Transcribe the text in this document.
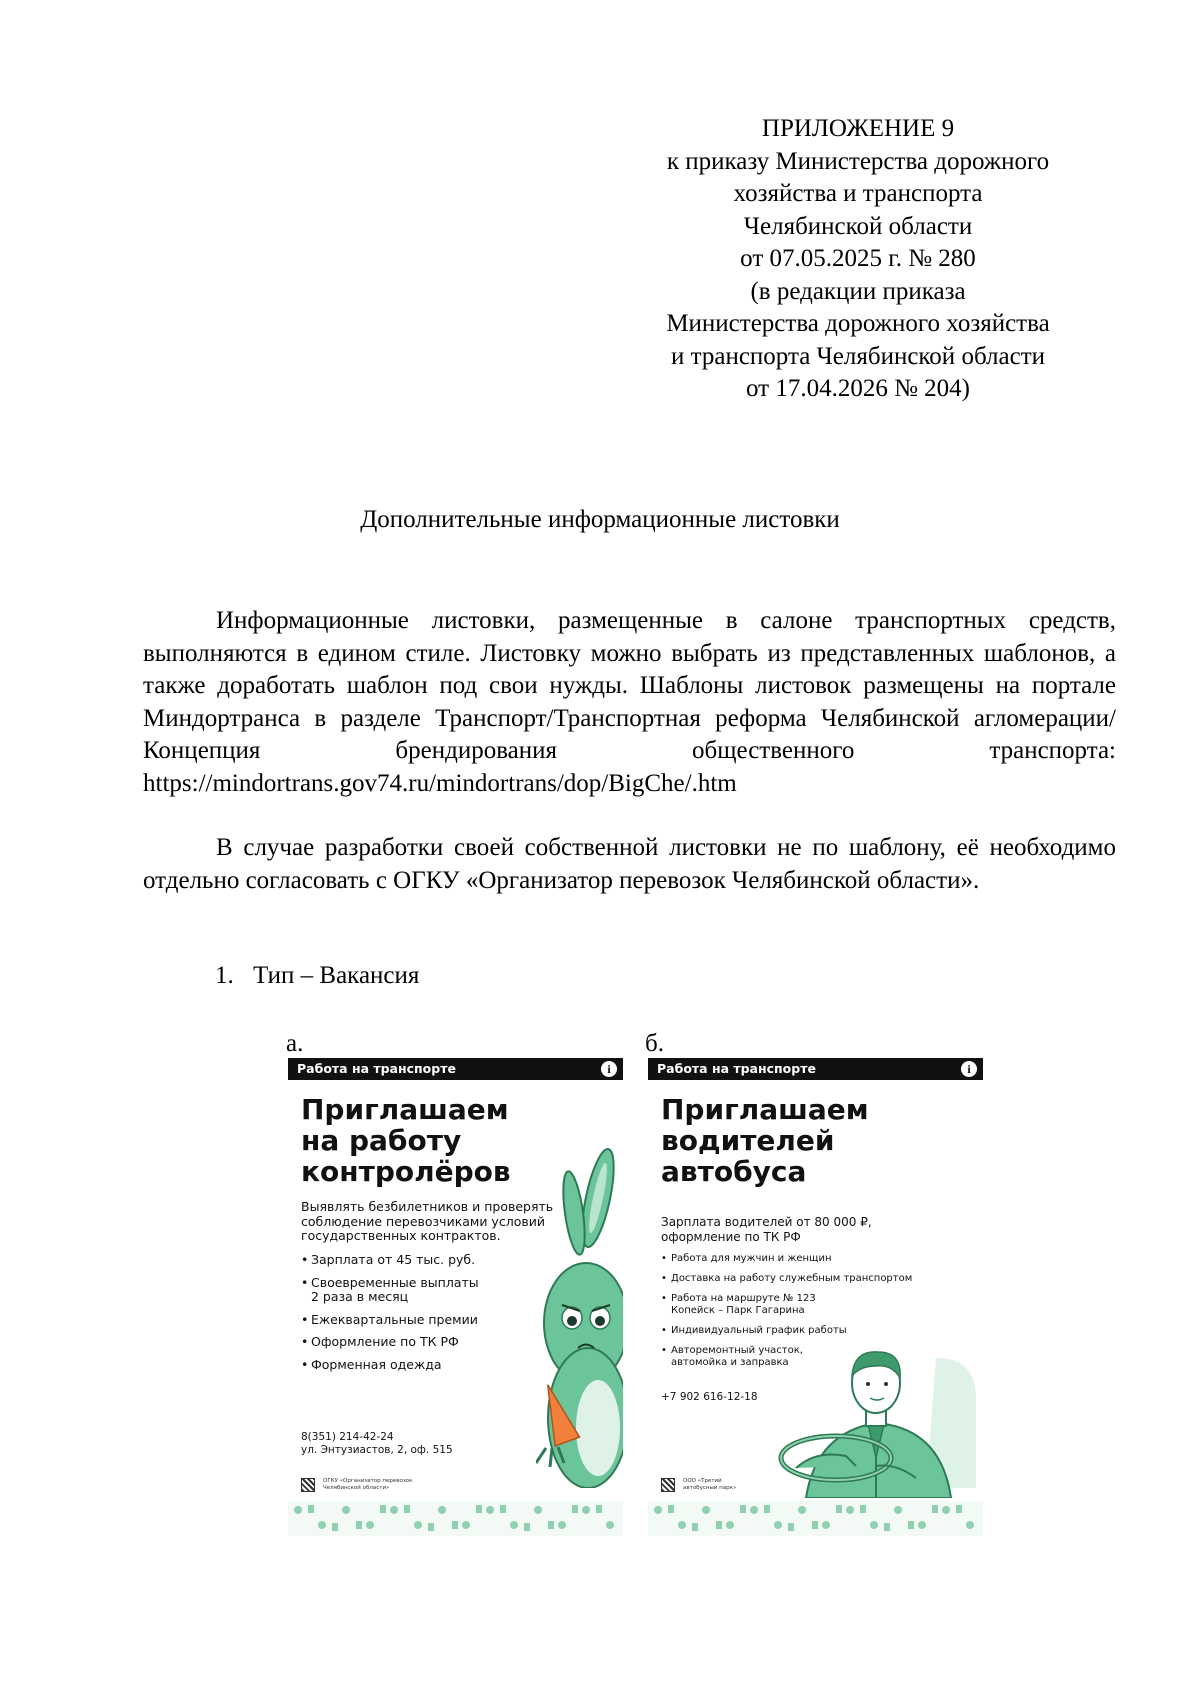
ПРИЛОЖЕНИЕ 9
к приказу Министерства дорожного
хозяйства и транспорта
Челябинской области
от 07.05.2025 г. № 280
(в редакции приказа
Министерства дорожного хозяйства
и транспорта Челябинской области
от 17.04.2026 № 204)
Дополнительные информационные листовки

Информационные листовки, размещенные в салоне транспортных средств, выполняются в едином стиле. Листовку можно выбрать из представленных шаблонов, а также доработать шаблон под свои нужды. Шаблоны листовок размещены на портале Миндортранса в разделе Транспорт/Транспортная реформа Челябинской агломерации/Концепция брендирования общественного транспорта:
https://mindortrans.gov74.ru/mindortrans/dop/BigChe/.htm

В случае разработки своей собственной листовки не по шаблону, её необходимо отдельно согласовать с ОГКУ «Организатор перевозок Челябинской области».

1. Тип – Вакансия
а.	б.
Работа на транспорте	i
Приглашаем
на работу
контролёров
Выявлять безбилетников и проверять
соблюдение перевозчиками условий
государственных контрактов.
• Зарплата от 45 тыс. руб.
• Своевременные выплаты
2 раза в месяц
• Ежеквартальные премии
• Оформление по ТК РФ
• Форменная одежда
8(351) 214-42-24
ул. Энтузиастов, 2, оф. 515
ОГКУ «Организатор перевозок
Челябинской области»
Работа на транспорте	i
Приглашаем
водителей
автобуса
Зарплата водителей от 80 000 ₽,
оформление по ТК РФ
• Работа для мужчин и женщин
• Доставка на работу служебным транспортом
• Работа на маршруте № 123
Копейск – Парк Гагарина
• Индивидуальный график работы
• Авторемонтный участок,
автомойка и заправка
+7 902 616-12-18
ООО «Третий
автобусный парк»
